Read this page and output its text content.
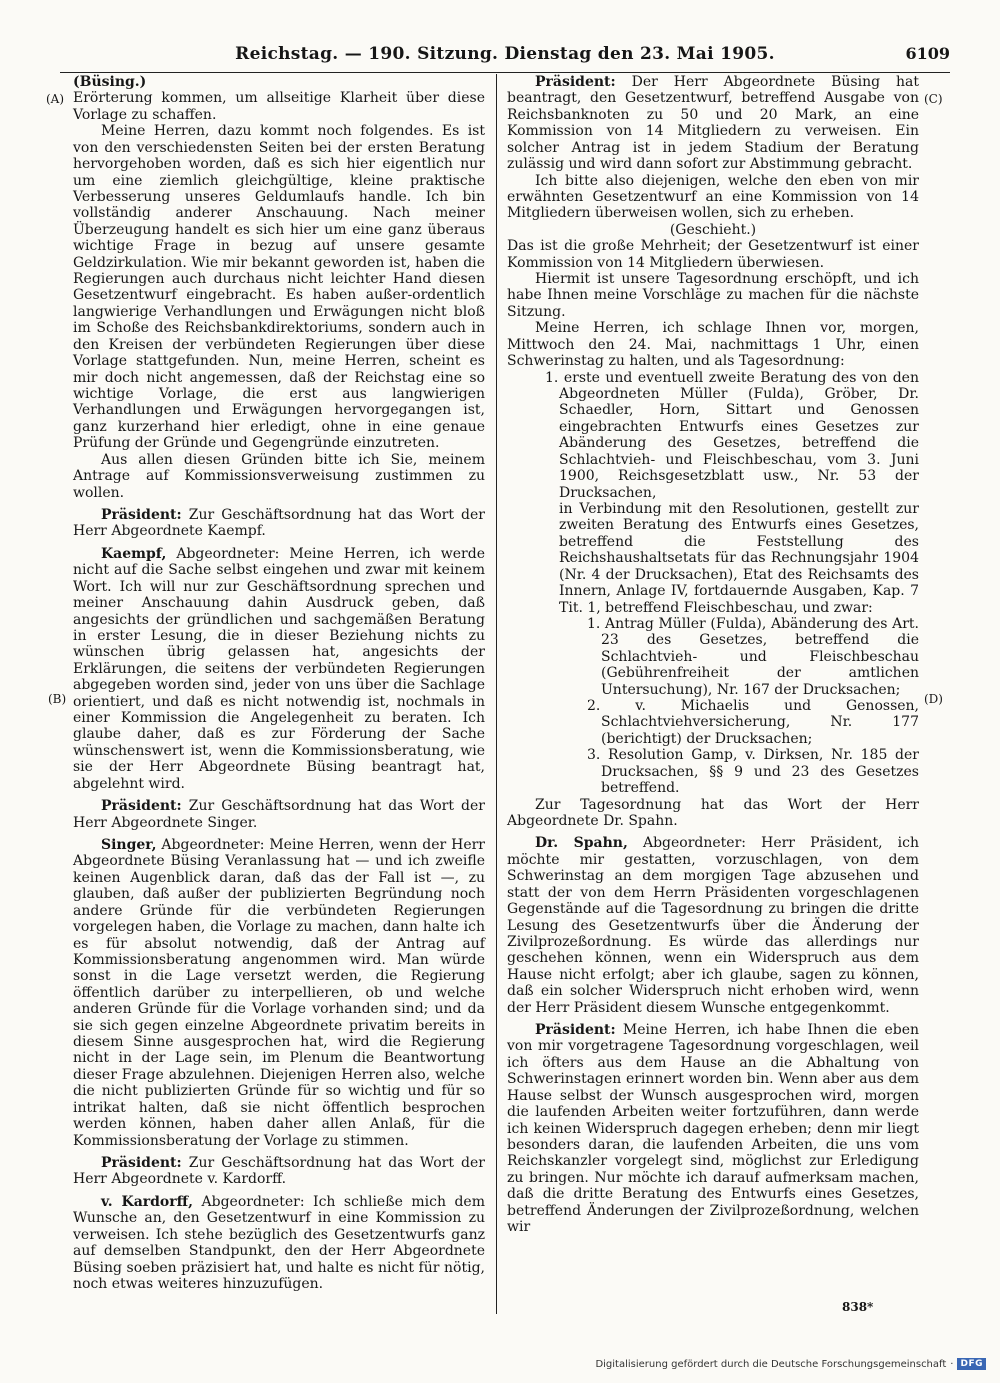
Reichstag. — 190. Sitzung. Dienstag den 23. Mai 1905.	6109
(A)
(B)
(C)
(D)

(Büsing.)

Erörterung kommen, um allseitige Klarheit über diese Vorlage zu schaffen.

Meine Herren, dazu kommt noch folgendes. Es ist von den verschiedensten Seiten bei der ersten Beratung hervorgehoben worden, daß es sich hier eigentlich nur um eine ziemlich gleichgültige, kleine praktische Verbesserung unseres Geldumlaufs handle. Ich bin vollständig anderer Anschauung. Nach meiner Überzeugung handelt es sich hier um eine ganz überaus wichtige Frage in bezug auf unsere gesamte Geldzirkulation. Wie mir bekannt geworden ist, haben die Regierungen auch durchaus nicht leichter Hand diesen Gesetzentwurf eingebracht. Es haben außer-ordentlich langwierige Verhandlungen und Erwägungen nicht bloß im Schoße des Reichsbankdirektoriums, sondern auch in den Kreisen der verbündeten Regierungen über diese Vorlage stattgefunden. Nun, meine Herren, scheint es mir doch nicht angemessen, daß der Reichstag eine so wichtige Vorlage, die erst aus langwierigen Verhandlungen und Erwägungen hervorgegangen ist, ganz kurzerhand hier erledigt, ohne in eine genaue Prüfung der Gründe und Gegengründe einzutreten.

Aus allen diesen Gründen bitte ich Sie, meinem Antrage auf Kommissionsverweisung zustimmen zu wollen.

Präsident: Zur Geschäftsordnung hat das Wort der Herr Abgeordnete Kaempf.

Kaempf, Abgeordneter: Meine Herren, ich werde nicht auf die Sache selbst eingehen und zwar mit keinem Wort. Ich will nur zur Geschäftsordnung sprechen und meiner Anschauung dahin Ausdruck geben, daß angesichts der gründlichen und sachgemäßen Beratung in erster Lesung, die in dieser Beziehung nichts zu wünschen übrig gelassen hat, angesichts der Erklärungen, die seitens der verbündeten Regierungen abgegeben worden sind, jeder von uns über die Sachlage orientiert, und daß es nicht notwendig ist, nochmals in einer Kommission die Angelegenheit zu beraten. Ich glaube daher, daß es zur Förderung der Sache wünschenswert ist, wenn die Kommissionsberatung, wie sie der Herr Abgeordnete Büsing beantragt hat, abgelehnt wird.

Präsident: Zur Geschäftsordnung hat das Wort der Herr Abgeordnete Singer.

Singer, Abgeordneter: Meine Herren, wenn der Herr Abgeordnete Büsing Veranlassung hat — und ich zweifle keinen Augenblick daran, daß das der Fall ist —, zu glauben, daß außer der publizierten Begründung noch andere Gründe für die verbündeten Regierungen vorgelegen haben, die Vorlage zu machen, dann halte ich es für absolut notwendig, daß der Antrag auf Kommissionsberatung angenommen wird. Man würde sonst in die Lage versetzt werden, die Regierung öffentlich darüber zu interpellieren, ob und welche anderen Gründe für die Vorlage vorhanden sind; und da sie sich gegen einzelne Abgeordnete privatim bereits in diesem Sinne ausgesprochen hat, wird die Regierung nicht in der Lage sein, im Plenum die Beantwortung dieser Frage abzulehnen. Diejenigen Herren also, welche die nicht publizierten Gründe für so wichtig und für so intrikat halten, daß sie nicht öffentlich besprochen werden können, haben daher allen Anlaß, für die Kommissionsberatung der Vorlage zu stimmen.

Präsident: Zur Geschäftsordnung hat das Wort der Herr Abgeordnete v. Kardorff.

v. Kardorff, Abgeordneter: Ich schließe mich dem Wunsche an, den Gesetzentwurf in eine Kommission zu verweisen. Ich stehe bezüglich des Gesetzentwurfs ganz auf demselben Standpunkt, den der Herr Abgeordnete Büsing soeben präzisiert hat, und halte es nicht für nötig, noch etwas weiteres hinzuzufügen.

Präsident: Der Herr Abgeordnete Büsing hat beantragt, den Gesetzentwurf, betreffend Ausgabe von Reichsbanknoten zu 50 und 20 Mark, an eine Kommission von 14 Mitgliedern zu verweisen. Ein solcher Antrag ist in jedem Stadium der Beratung zulässig und wird dann sofort zur Abstimmung gebracht.

Ich bitte also diejenigen, welche den eben von mir erwähnten Gesetzentwurf an eine Kommission von 14 Mitgliedern überweisen wollen, sich zu erheben.

(Geschieht.)

Das ist die große Mehrheit; der Gesetzentwurf ist einer Kommission von 14 Mitgliedern überwiesen.

Hiermit ist unsere Tagesordnung erschöpft, und ich habe Ihnen meine Vorschläge zu machen für die nächste Sitzung.

Meine Herren, ich schlage Ihnen vor, morgen, Mittwoch den 24. Mai, nachmittags 1 Uhr, einen Schwerinstag zu halten, und als Tagesordnung:

1. erste und eventuell zweite Beratung des von den Abgeordneten Müller (Fulda), Gröber, Dr. Schaedler, Horn, Sittart und Genossen eingebrachten Entwurfs eines Gesetzes zur Abänderung des Gesetzes, betreffend die Schlachtvieh- und Fleischbeschau, vom 3. Juni 1900, Reichsgesetzblatt usw., Nr. 53 der Drucksachen,

in Verbindung mit den Resolutionen, gestellt zur zweiten Beratung des Entwurfs eines Gesetzes, betreffend die Feststellung des Reichshaushaltsetats für das Rechnungsjahr 1904 (Nr. 4 der Drucksachen), Etat des Reichsamts des Innern, Anlage IV, fortdauernde Ausgaben, Kap. 7 Tit. 1, betreffend Fleischbeschau, und zwar:

1. Antrag Müller (Fulda), Abänderung des Art. 23 des Gesetzes, betreffend die Schlachtvieh- und Fleischbeschau (Gebührenfreiheit der amtlichen Untersuchung), Nr. 167 der Drucksachen;

2. v. Michaelis und Genossen, Schlachtviehversicherung, Nr. 177 (berichtigt) der Drucksachen;

3. Resolution Gamp, v. Dirksen, Nr. 185 der Drucksachen, §§ 9 und 23 des Gesetzes betreffend.

Zur Tagesordnung hat das Wort der Herr Abgeordnete Dr. Spahn.

Dr. Spahn, Abgeordneter: Herr Präsident, ich möchte mir gestatten, vorzuschlagen, von dem Schwerinstag an dem morgigen Tage abzusehen und statt der von dem Herrn Präsidenten vorgeschlagenen Gegenstände auf die Tagesordnung zu bringen die dritte Lesung des Gesetzentwurfs über die Änderung der Zivilprozeßordnung. Es würde das allerdings nur geschehen können, wenn ein Widerspruch aus dem Hause nicht erfolgt; aber ich glaube, sagen zu können, daß ein solcher Widerspruch nicht erhoben wird, wenn der Herr Präsident diesem Wunsche entgegenkommt.

Präsident: Meine Herren, ich habe Ihnen die eben von mir vorgetragene Tagesordnung vorgeschlagen, weil ich öfters aus dem Hause an die Abhaltung von Schwerinstagen erinnert worden bin. Wenn aber aus dem Hause selbst der Wunsch ausgesprochen wird, morgen die laufenden Arbeiten weiter fortzuführen, dann werde ich keinen Widerspruch dagegen erheben; denn mir liegt besonders daran, die laufenden Arbeiten, die uns vom Reichskanzler vorgelegt sind, möglichst zur Erledigung zu bringen. Nur möchte ich darauf aufmerksam machen, daß die dritte Beratung des Entwurfs eines Gesetzes, betreffend Änderungen der Zivilprozeßordnung, welchen wir

838*
Digitalisierung gefördert durch die Deutsche Forschungsgemeinschaft · DFG
